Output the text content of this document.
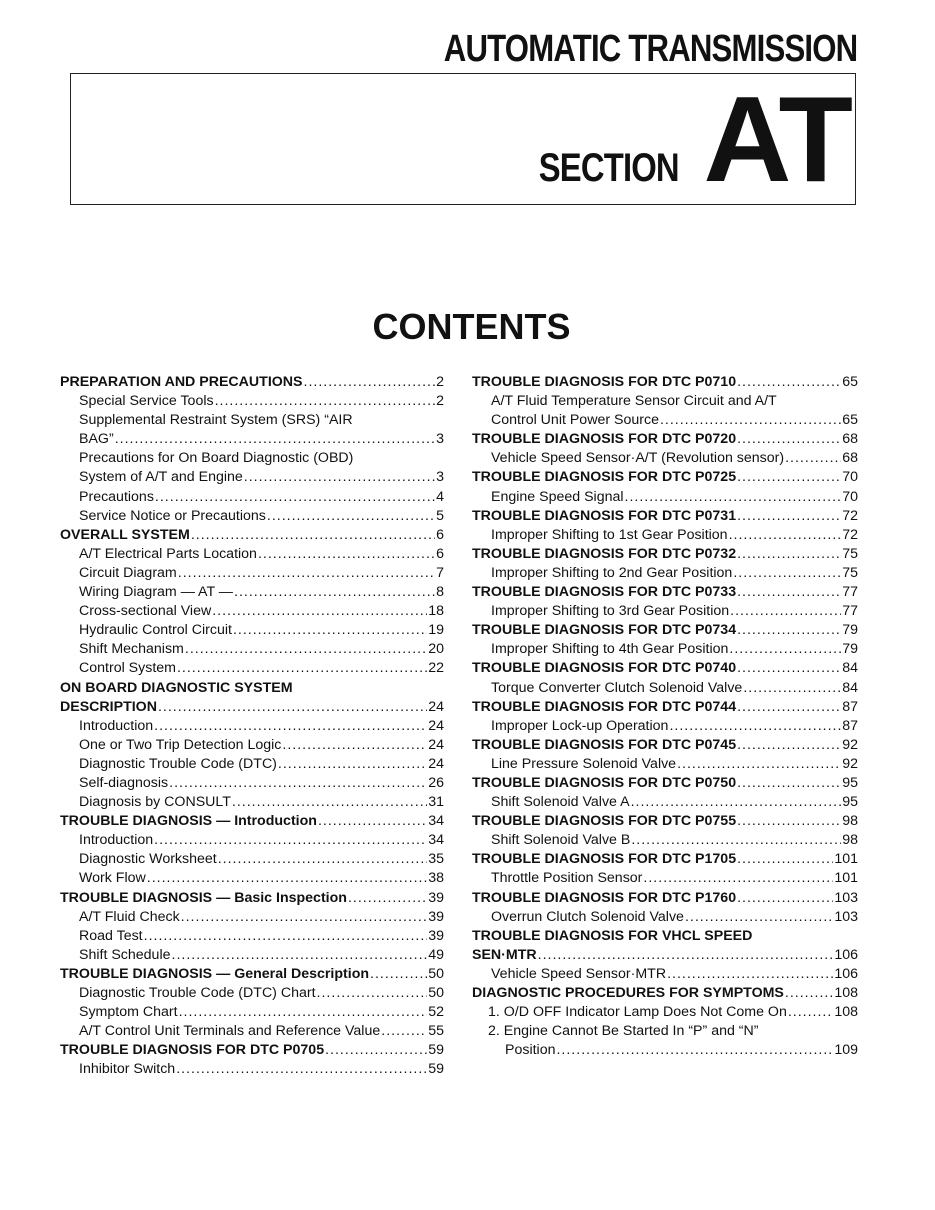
AUTOMATIC TRANSMISSION
SECTION AT
CONTENTS
PREPARATION AND PRECAUTIONS .....	2
Special Service Tools .....	2
Supplemental Restraint System (SRS) “AIR
BAG” .....	3
Precautions for On Board Diagnostic (OBD)
System of A/T and Engine .....	3
Precautions .....	4
Service Notice or Precautions .....	5
OVERALL SYSTEM .....	6
A/T Electrical Parts Location .....	6
Circuit Diagram .....	7
Wiring Diagram — AT — .....	8
Cross-sectional View .....	18
Hydraulic Control Circuit .....	19
Shift Mechanism .....	20
Control System .....	22
ON BOARD DIAGNOSTIC SYSTEM
DESCRIPTION .....	24
Introduction .....	24
One or Two Trip Detection Logic .....	24
Diagnostic Trouble Code (DTC) .....	24
Self-diagnosis .....	26
Diagnosis by CONSULT .....	31
TROUBLE DIAGNOSIS — Introduction .....	34
Introduction .....	34
Diagnostic Worksheet .....	35
Work Flow .....	38
TROUBLE DIAGNOSIS — Basic Inspection .....	39
A/T Fluid Check .....	39
Road Test .....	39
Shift Schedule .....	49
TROUBLE DIAGNOSIS — General Description .....	50
Diagnostic Trouble Code (DTC) Chart .....	50
Symptom Chart .....	52
A/T Control Unit Terminals and Reference Value .....	55
TROUBLE DIAGNOSIS FOR DTC P0705 .....	59
Inhibitor Switch .....	59
TROUBLE DIAGNOSIS FOR DTC P0710 .....	65
A/T Fluid Temperature Sensor Circuit and A/T
Control Unit Power Source .....	65
TROUBLE DIAGNOSIS FOR DTC P0720 .....	68
Vehicle Speed Sensor·A/T (Revolution sensor) .....	68
TROUBLE DIAGNOSIS FOR DTC P0725 .....	70
Engine Speed Signal .....	70
TROUBLE DIAGNOSIS FOR DTC P0731 .....	72
Improper Shifting to 1st Gear Position .....	72
TROUBLE DIAGNOSIS FOR DTC P0732 .....	75
Improper Shifting to 2nd Gear Position .....	75
TROUBLE DIAGNOSIS FOR DTC P0733 .....	77
Improper Shifting to 3rd Gear Position .....	77
TROUBLE DIAGNOSIS FOR DTC P0734 .....	79
Improper Shifting to 4th Gear Position .....	79
TROUBLE DIAGNOSIS FOR DTC P0740 .....	84
Torque Converter Clutch Solenoid Valve .....	84
TROUBLE DIAGNOSIS FOR DTC P0744 .....	87
Improper Lock-up Operation .....	87
TROUBLE DIAGNOSIS FOR DTC P0745 .....	92
Line Pressure Solenoid Valve .....	92
TROUBLE DIAGNOSIS FOR DTC P0750 .....	95
Shift Solenoid Valve A .....	95
TROUBLE DIAGNOSIS FOR DTC P0755 .....	98
Shift Solenoid Valve B .....	98
TROUBLE DIAGNOSIS FOR DTC P1705 .....	101
Throttle Position Sensor .....	101
TROUBLE DIAGNOSIS FOR DTC P1760 .....	103
Overrun Clutch Solenoid Valve .....	103
TROUBLE DIAGNOSIS FOR VHCL SPEED
SEN·MTR .....	106
Vehicle Speed Sensor·MTR .....	106
DIAGNOSTIC PROCEDURES FOR SYMPTOMS .....	108
1. O/D OFF Indicator Lamp Does Not Come On .....	108
2. Engine Cannot Be Started In “P” and “N”
Position .....	109
